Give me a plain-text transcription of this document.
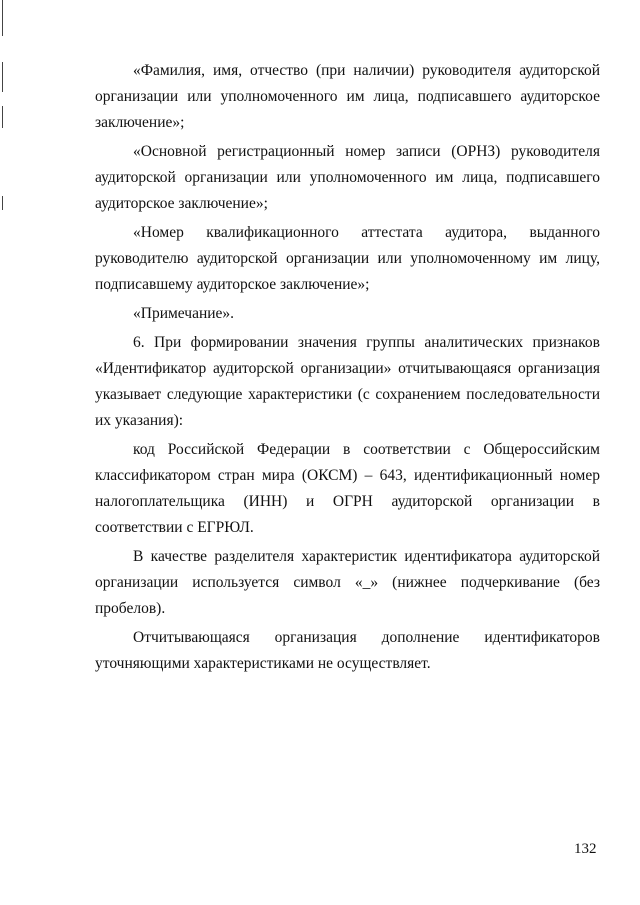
«Фамилия, имя, отчество (при наличии) руководителя аудиторской организации или уполномоченного им лица, подписавшего аудиторское заключение»;

«Основной регистрационный номер записи (ОРНЗ) руководителя аудиторской организации или уполномоченного им лица, подписавшего аудиторское заключение»;

«Номер квалификационного аттестата аудитора, выданного руководителю аудиторской организации или уполномоченному им лицу, подписавшему аудиторское заключение»;

«Примечание».

6. При формировании значения группы аналитических признаков «Идентификатор аудиторской организации» отчитывающаяся организация указывает следующие характеристики (с сохранением последовательности их указания):

код Российской Федерации в соответствии с Общероссийским классификатором стран мира (ОКСМ) – 643, идентификационный номер налогоплательщика (ИНН) и ОГРН аудиторской организации в соответствии с ЕГРЮЛ.

В качестве разделителя характеристик идентификатора аудиторской организации используется символ «_» (нижнее подчеркивание (без пробелов).

Отчитывающаяся организация дополнение идентификаторов уточняющими характеристиками не осуществляет.

132
